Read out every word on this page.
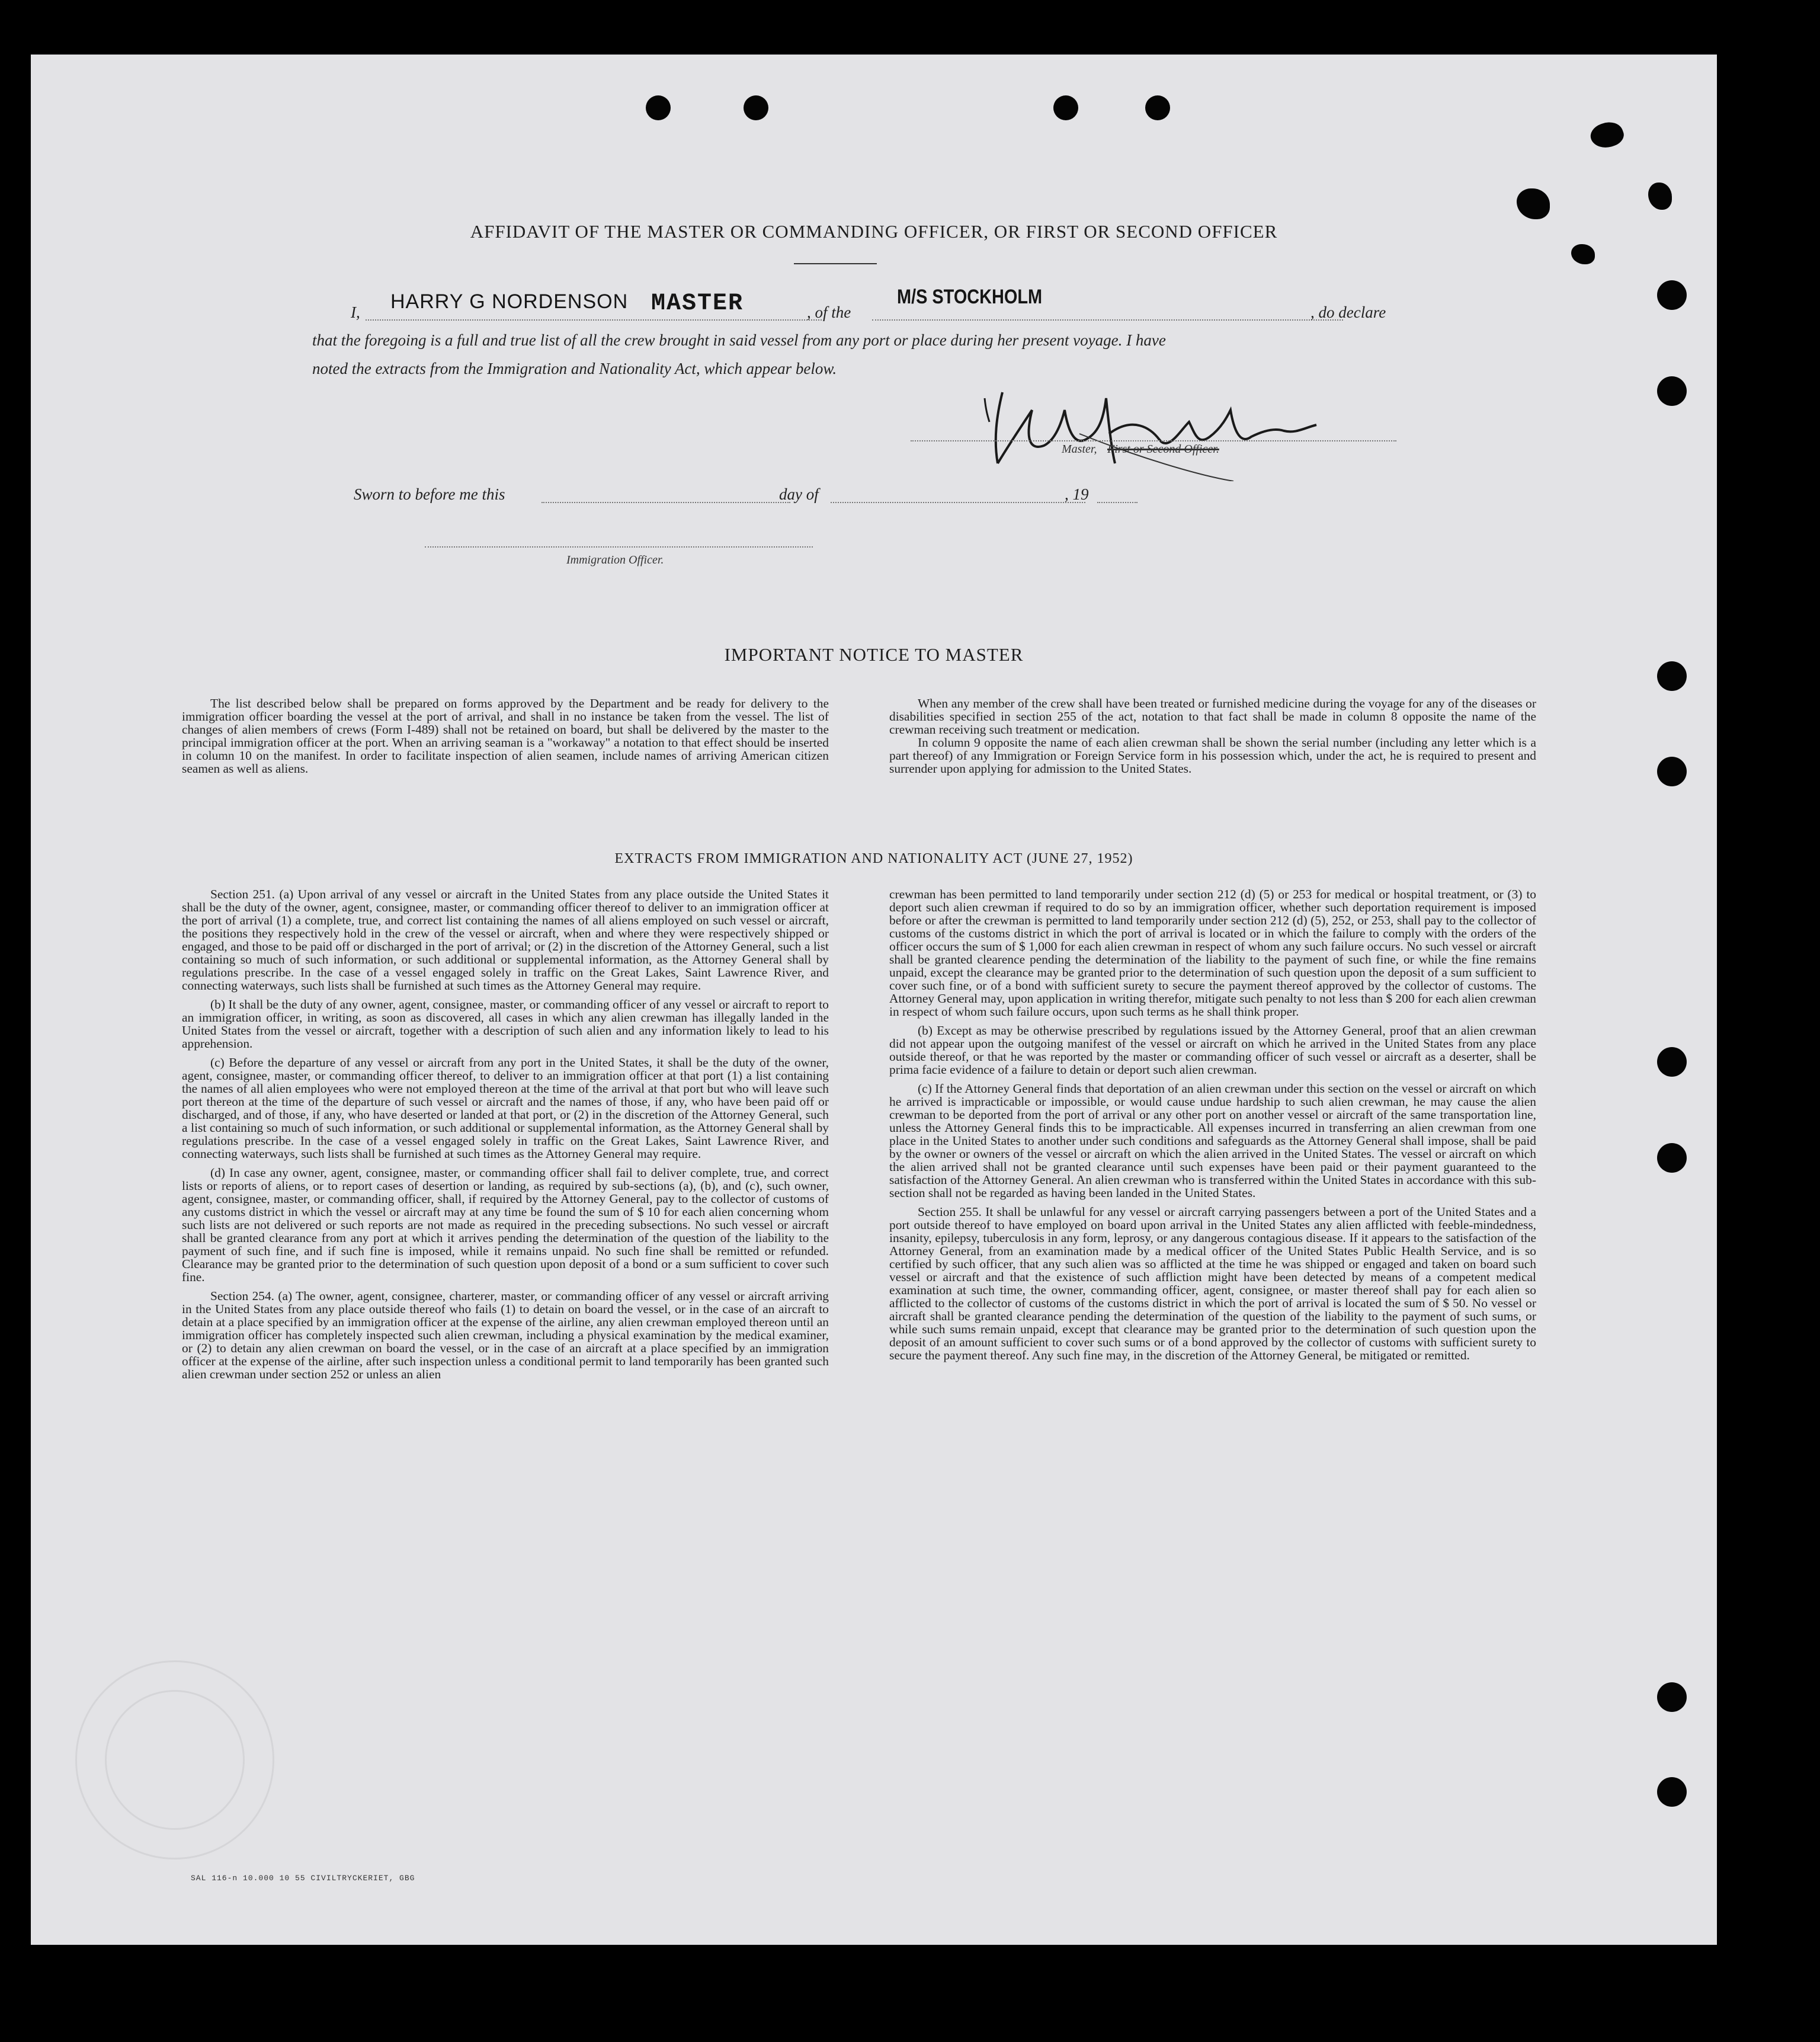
AFFIDAVIT OF THE MASTER OR COMMANDING OFFICER, OR FIRST OR SECOND OFFICER
I, HARRY G NORDENSON MASTER	, of the
M/S STOCKHOLM
, do declare
that the foregoing is a full and true list of all the crew brought in said vessel from any port or place during her present voyage. I have
noted the extracts from the Immigration and Nationality Act, which appear below.
Master, First or Second Officer.
Sworn to before me this	day of	, 19
Immigration Officer.
IMPORTANT NOTICE TO MASTER

The list described below shall be prepared on forms approved by the Department and be ready for delivery to the immigration officer boarding the vessel at the port of arrival, and shall in no instance be taken from the vessel. The list of changes of alien members of crews (Form I-489) shall not be retained on board, but shall be delivered by the master to the principal immigration officer at the port. When an arriving seaman is a "workaway" a notation to that effect should be inserted in column 10 on the manifest. In order to facilitate inspection of alien seamen, include names of arriving American citizen seamen as well as aliens.

When any member of the crew shall have been treated or furnished medicine during the voyage for any of the diseases or disabilities specified in section 255 of the act, notation to that fact shall be made in column 8 opposite the name of the crewman receiving such treatment or medication.

In column 9 opposite the name of each alien crewman shall be shown the serial number (including any letter which is a part thereof) of any Immigration or Foreign Service form in his possession which, under the act, he is required to present and surrender upon applying for admission to the United States.

EXTRACTS FROM IMMIGRATION AND NATIONALITY ACT (JUNE 27, 1952)

Section 251. (a) Upon arrival of any vessel or aircraft in the United States from any place outside the United States it shall be the duty of the owner, agent, consignee, master, or commanding officer thereof to deliver to an immigration officer at the port of arrival (1) a complete, true, and correct list containing the names of all aliens employed on such vessel or aircraft, the positions they respectively hold in the crew of the vessel or aircraft, when and where they were respectively shipped or engaged, and those to be paid off or discharged in the port of arrival; or (2) in the discretion of the Attorney General, such a list containing so much of such information, or such additional or supplemental information, as the Attorney General shall by regulations prescribe. In the case of a vessel engaged solely in traffic on the Great Lakes, Saint Lawrence River, and connecting waterways, such lists shall be furnished at such times as the Attorney General may require.

(b) It shall be the duty of any owner, agent, consignee, master, or commanding officer of any vessel or aircraft to report to an immigration officer, in writing, as soon as discovered, all cases in which any alien crewman has illegally landed in the United States from the vessel or aircraft, together with a description of such alien and any information likely to lead to his apprehension.

(c) Before the departure of any vessel or aircraft from any port in the United States, it shall be the duty of the owner, agent, consignee, master, or commanding officer thereof, to deliver to an immigration officer at that port (1) a list containing the names of all alien employees who were not employed thereon at the time of the arrival at that port but who will leave such port thereon at the time of the departure of such vessel or aircraft and the names of those, if any, who have been paid off or discharged, and of those, if any, who have deserted or landed at that port, or (2) in the discretion of the Attorney General, such a list containing so much of such information, or such additional or supplemental information, as the Attorney General shall by regulations prescribe. In the case of a vessel engaged solely in traffic on the Great Lakes, Saint Lawrence River, and connecting waterways, such lists shall be furnished at such times as the Attorney General may require.

(d) In case any owner, agent, consignee, master, or commanding officer shall fail to deliver complete, true, and correct lists or reports of aliens, or to report cases of desertion or landing, as required by sub-sections (a), (b), and (c), such owner, agent, consignee, master, or commanding officer, shall, if required by the Attorney General, pay to the collector of customs of any customs district in which the vessel or aircraft may at any time be found the sum of $ 10 for each alien concerning whom such lists are not delivered or such reports are not made as required in the preceding subsections. No such vessel or aircraft shall be granted clearance from any port at which it arrives pending the determination of the question of the liability to the payment of such fine, and if such fine is imposed, while it remains unpaid. No such fine shall be remitted or refunded. Clearance may be granted prior to the determination of such question upon deposit of a bond or a sum sufficient to cover such fine.

Section 254. (a) The owner, agent, consignee, charterer, master, or commanding officer of any vessel or aircraft arriving in the United States from any place outside thereof who fails (1) to detain on board the vessel, or in the case of an aircraft to detain at a place specified by an immigration officer at the expense of the airline, any alien crewman employed thereon until an immigration officer has completely inspected such alien crewman, including a physical examination by the medical examiner, or (2) to detain any alien crewman on board the vessel, or in the case of an aircraft at a place specified by an immigration officer at the expense of the airline, after such inspection unless a conditional permit to land temporarily has been granted such alien crewman under section 252 or unless an alien

crewman has been permitted to land temporarily under section 212 (d) (5) or 253 for medical or hospital treatment, or (3) to deport such alien crewman if required to do so by an immigration officer, whether such deportation requirement is imposed before or after the crewman is permitted to land temporarily under section 212 (d) (5), 252, or 253, shall pay to the collector of customs of the customs district in which the port of arrival is located or in which the failure to comply with the orders of the officer occurs the sum of $ 1,000 for each alien crewman in respect of whom any such failure occurs. No such vessel or aircraft shall be granted clearence pending the determination of the liability to the payment of such fine, or while the fine remains unpaid, except the clearance may be granted prior to the determination of such question upon the deposit of a sum sufficient to cover such fine, or of a bond with sufficient surety to secure the payment thereof approved by the collector of customs. The Attorney General may, upon application in writing therefor, mitigate such penalty to not less than $ 200 for each alien crewman in respect of whom such failure occurs, upon such terms as he shall think proper.

(b) Except as may be otherwise prescribed by regulations issued by the Attorney General, proof that an alien crewman did not appear upon the outgoing manifest of the vessel or aircraft on which he arrived in the United States from any place outside thereof, or that he was reported by the master or commanding officer of such vessel or aircraft as a deserter, shall be prima facie evidence of a failure to detain or deport such alien crewman.

(c) If the Attorney General finds that deportation of an alien crewman under this section on the vessel or aircraft on which he arrived is impracticable or impossible, or would cause undue hardship to such alien crewman, he may cause the alien crewman to be deported from the port of arrival or any other port on another vessel or aircraft of the same transportation line, unless the Attorney General finds this to be impracticable. All expenses incurred in transferring an alien crewman from one place in the United States to another under such conditions and safeguards as the Attorney General shall impose, shall be paid by the owner or owners of the vessel or aircraft on which the alien arrived in the United States. The vessel or aircraft on which the alien arrived shall not be granted clearance until such expenses have been paid or their payment guaranteed to the satisfaction of the Attorney General. An alien crewman who is transferred within the United States in accordance with this sub-section shall not be regarded as having been landed in the United States.

Section 255. It shall be unlawful for any vessel or aircraft carrying passengers between a port of the United States and a port outside thereof to have employed on board upon arrival in the United States any alien afflicted with feeble-mindedness, insanity, epilepsy, tuberculosis in any form, leprosy, or any dangerous contagious disease. If it appears to the satisfaction of the Attorney General, from an examination made by a medical officer of the United States Public Health Service, and is so certified by such officer, that any such alien was so afflicted at the time he was shipped or engaged and taken on board such vessel or aircraft and that the existence of such affliction might have been detected by means of a competent medical examination at such time, the owner, commanding officer, agent, consignee, or master thereof shall pay for each alien so afflicted to the collector of customs of the customs district in which the port of arrival is located the sum of $ 50. No vessel or aircraft shall be granted clearance pending the determination of the question of the liability to the payment of such sums, or while such sums remain unpaid, except that clearance may be granted prior to the determination of such question upon the deposit of an amount sufficient to cover such sums or of a bond approved by the collector of customs with sufficient surety to secure the payment thereof. Any such fine may, in the discretion of the Attorney General, be mitigated or remitted.

SAL 116-n 10.000 10 55 CIVILTRYCKERIET, GBG
